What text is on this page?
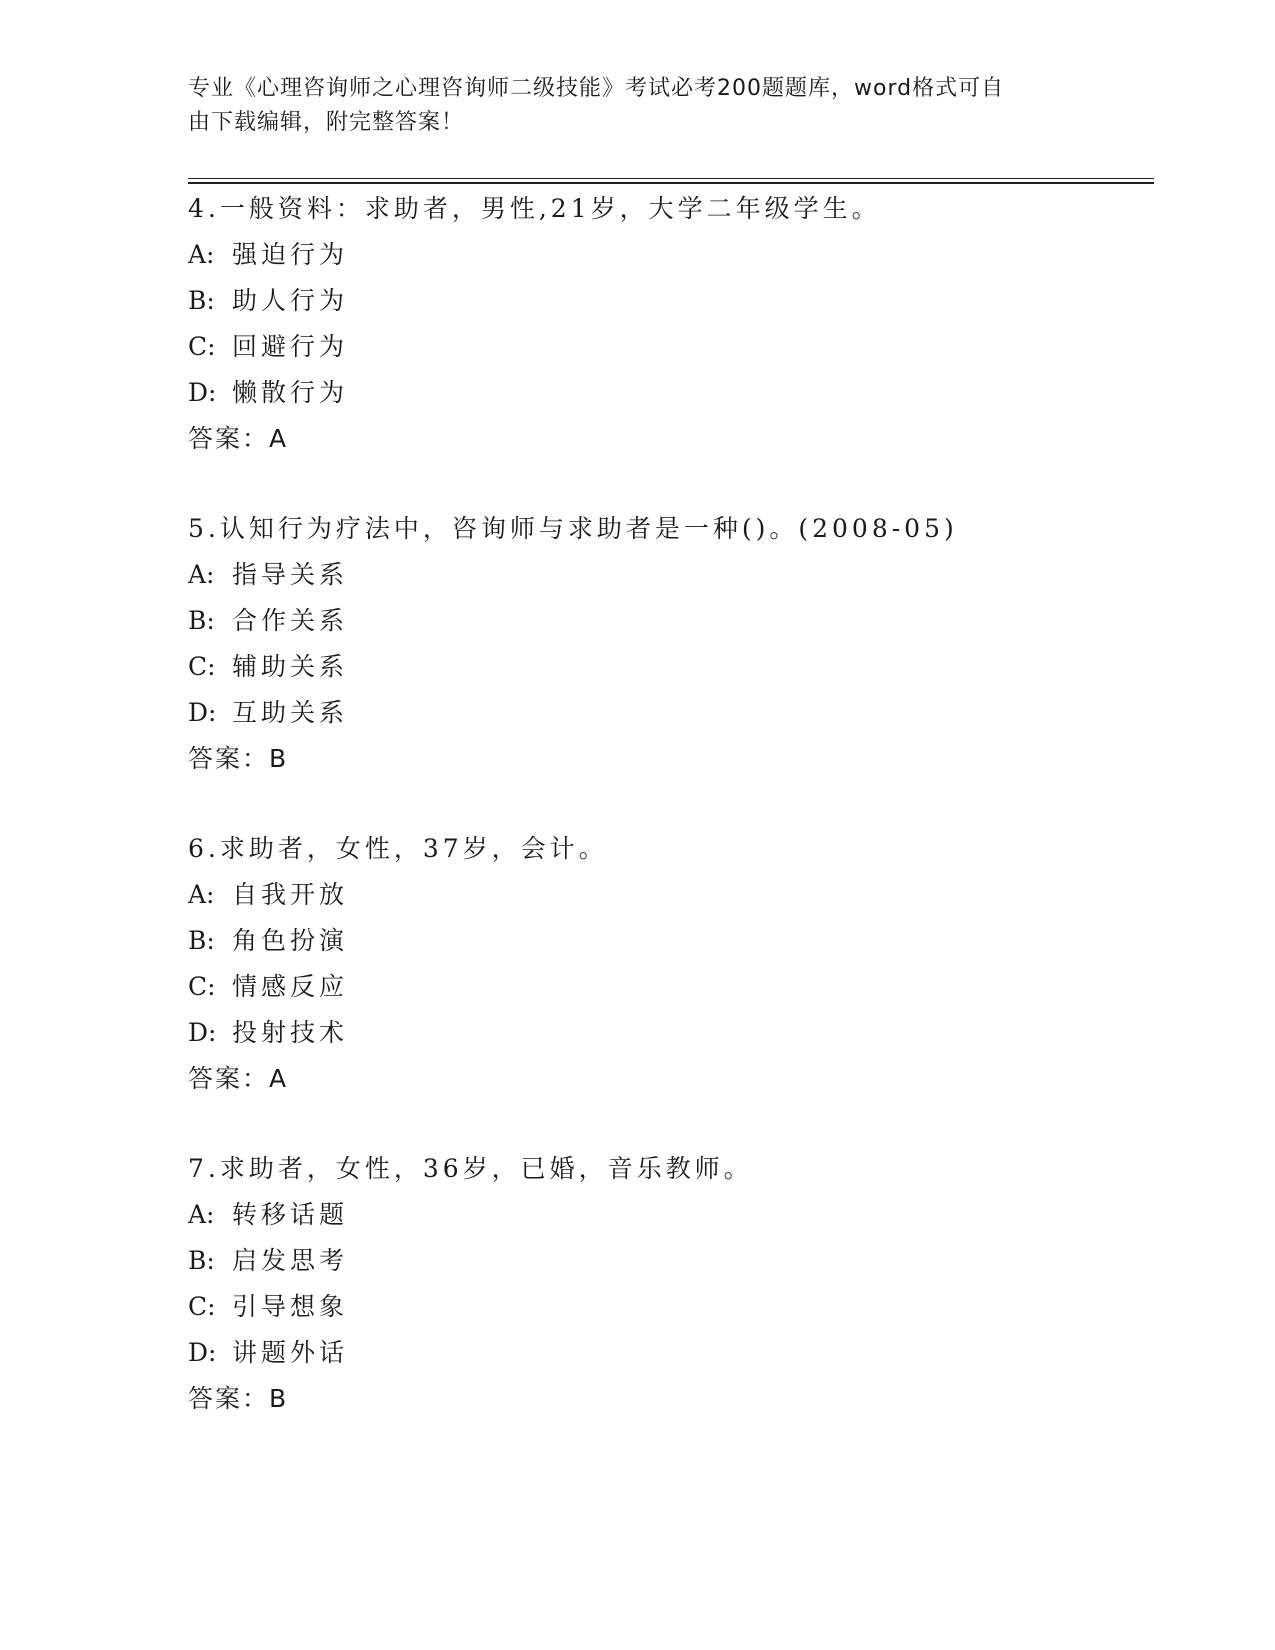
专业《心理咨询师之心理咨询师二级技能》考试必考200题题库，word格式可自
由下载编辑，附完整答案！
4.一般资料：求助者，男性,21岁，大学二年级学生。
A: 强迫行为
B: 助人行为
C: 回避行为
D: 懒散行为
答案：A
5.认知行为疗法中，咨询师与求助者是一种()。(2008-05)
A: 指导关系
B: 合作关系
C: 辅助关系
D: 互助关系
答案：B
6.求助者，女性，37岁，会计。
A: 自我开放
B: 角色扮演
C: 情感反应
D: 投射技术
答案：A
7.求助者，女性，36岁，已婚，音乐教师。
A: 转移话题
B: 启发思考
C: 引导想象
D: 讲题外话
答案：B
